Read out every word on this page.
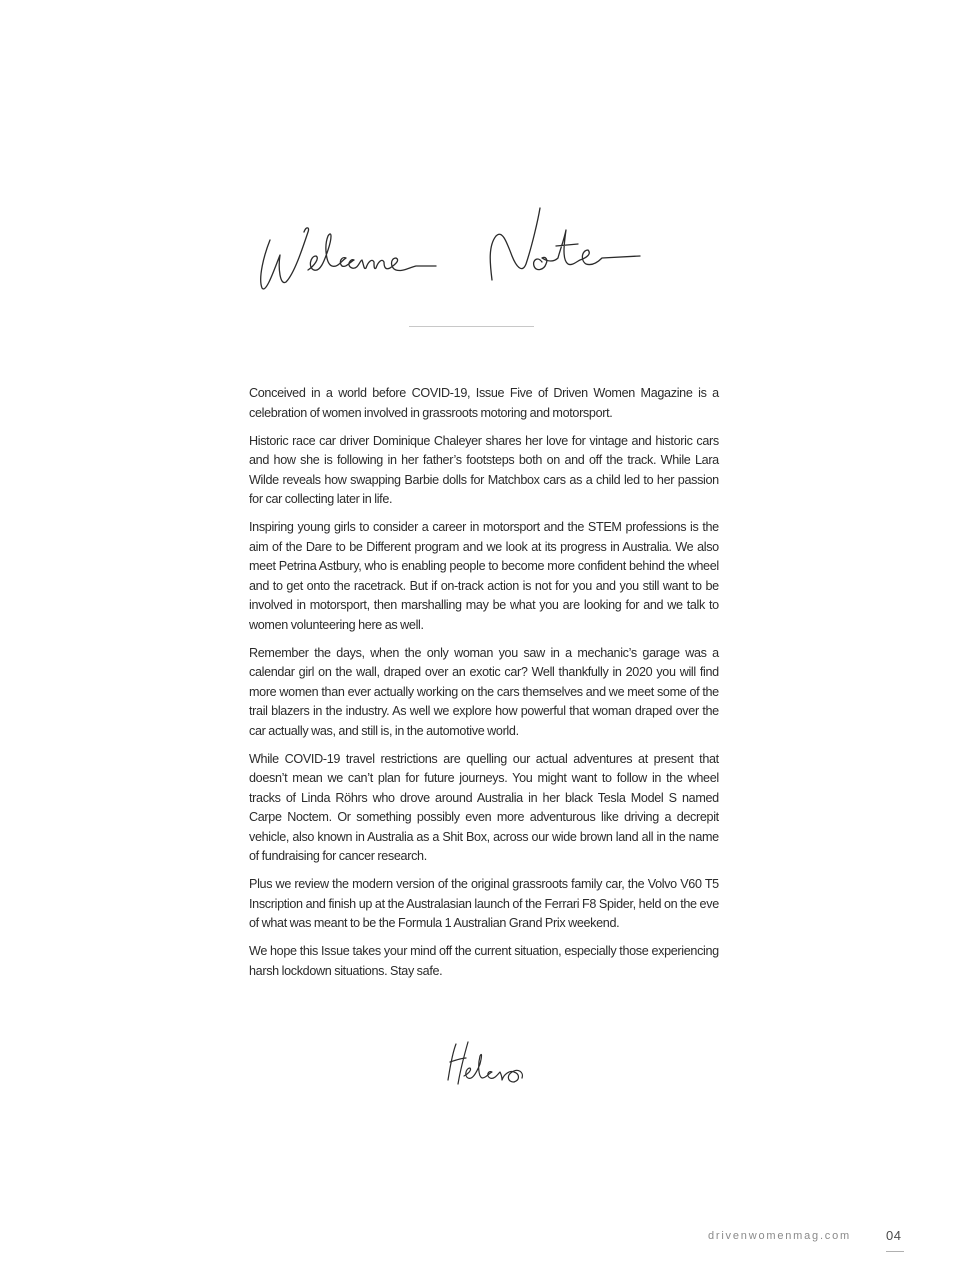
Conceived in a world before COVID-19, Issue Five of Driven Women Magazine is a celebration of women involved in grassroots motoring and motorsport.

Historic race car driver Dominique Chaleyer shares her love for vintage and historic cars and how she is following in her father’s footsteps both on and off the track. While Lara Wilde reveals how swapping Barbie dolls for Matchbox cars as a child led to her passion for car collecting later in life.

Inspiring young girls to consider a career in motorsport and the STEM professions is the aim of the Dare to be Different program and we look at its progress in Australia. We also meet Petrina Astbury, who is enabling people to become more confident behind the wheel and to get onto the racetrack. But if on-track action is not for you and you still want to be involved in motorsport, then marshalling may be what you are looking for and we talk to women volunteering here as well.

Remember the days, when the only woman you saw in a mechanic’s garage was a calendar girl on the wall, draped over an exotic car? Well thankfully in 2020 you will find more women than ever actually working on the cars themselves and we meet some of the trail blazers in the industry. As well we explore how powerful that woman draped over the car actually was, and still is, in the automotive world.

While COVID-19 travel restrictions are quelling our actual adventures at present that doesn’t mean we can’t plan for future journeys. You might want to follow in the wheel tracks of Linda Röhrs who drove around Australia in her black Tesla Model S named Carpe Noctem. Or something possibly even more adventurous like driving a decrepit vehicle, also known in Australia as a Shit Box, across our wide brown land all in the name of fundraising for cancer research.

Plus we review the modern version of the original grassroots family car, the Volvo V60 T5 Inscription and finish up at the Australasian launch of the Ferrari F8 Spider, held on the eve of what was meant to be the Formula 1 Australian Grand Prix weekend.

We hope this Issue takes your mind off the current situation, especially those experiencing harsh lockdown situations. Stay safe.

drivenwomenmag.com	04
